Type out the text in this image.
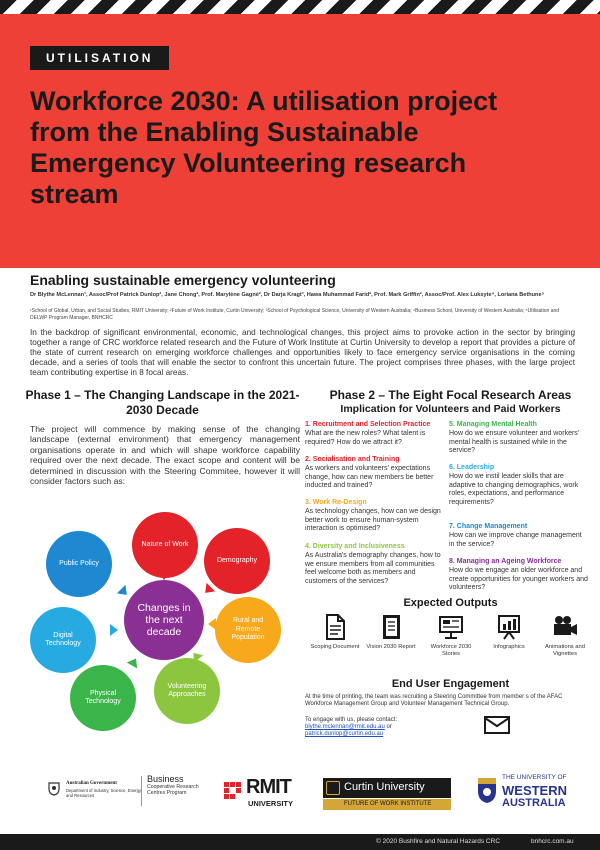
UTILISATION
Workforce 2030: A utilisation project from the Enabling Sustainable Emergency Volunteering research stream
Enabling sustainable emergency volunteering
Dr Blythe McLennan¹, Assoc/Prof Patrick Dunlop², Jane Chong², Prof. Marylène Gagné², Dr Darja Kragt³, Hawa Muhammad Farid², Prof. Mark Griffin², Assoc/Prof. Alex Luksyte⁴, Loriana Bethune⁵
¹School of Global, Urban, and Social Studies, RMIT University; ²Future of Work Institute, Curtin University; ³School of Psychological Science, University of Western Australia; ⁴Business School, University of Western Australia; ⁵Utilisation and DELWP Program Manager, BNHCRC
In the backdrop of significant environmental, economic, and technological changes, this project aims to provoke action in the sector by bringing together a range of CRC workforce related research and the Future of Work Institute at Curtin University to develop a report that provides a picture of the state of current research on emerging workforce challenges and opportunities likely to face emergency service organisations in the coming decade, and a series of tools that will enable the sector to confront this uncertain future. The project comprises three phases, with the large project team contributing expertise in 8 focal areas.
Phase 1 – The Changing Landscape in the 2021-2030 Decade
The project will commence by making sense of the changing landscape (external environment) that emergency management organisations operate in and which will shape workforce capability required over the next decade. The exact scope and content will be determined in discussion with the Steering Commitee, however it will consider factors such as:
Nature of Work
Demography
Rural and Remote Population
Volunteering Approaches
Physical Technology
Digital Technology
Public Policy
Changes in the next decade
Phase 2 – The Eight Focal Research Areas
Implication for Volunteers and Paid Workers
1. Recruitment and Selection Practice
What are the new roles? What talent is required? How do we attract it?
2. Socialisation and Training
As workers and volunteers' expectations change, how can new members be better inducted and trained?
3. Work Re-Design
As technology changes, how can we design better work to ensure human-system interaction is optimised?
4. Diversity and Inclusiveness
As Australia's demography changes, how to we ensure members from all communities feel welcome both as members and customers of the services?
5. Managing Mental Health
How do we ensure volunteer and workers' mental health is sustained while in the service?
6. Leadership
How do we instil leader skills that are adaptive to changing demographics, work roles, expectations, and performance requirements?
7. Change Management
How can we improve change management in the service?
8. Managing an Ageing Workforce
How do we engage an older workforce and create opportunities for younger workers and volunteers?
Expected Outputs
Scoping Document Vision 2030 Report	Workforce 2030 Stories
Infographics	Animations and Vignettes
End User Engagement
At the time of printing, the team was recruiting a Steering Committee from member s of the AFAC Workforce Management Group and Volunteer Management Technical Group.
To engage with us, please contact:
blythe.mclennan@rmit.edu.au or
patrick.dunlop@curtin.edu.au
Australian Government
Department of Industry, Science, Energy and Resources
Business
Cooperative Research Centres Program	RMIT
UNIVERSITY
Curtin University
FUTURE OF WORK INSTITUTE
THE UNIVERSITY OF
WESTERN
AUSTRALIA
© 2020 Bushfire and Natural Hazards CRC	bnhcrc.com.au
